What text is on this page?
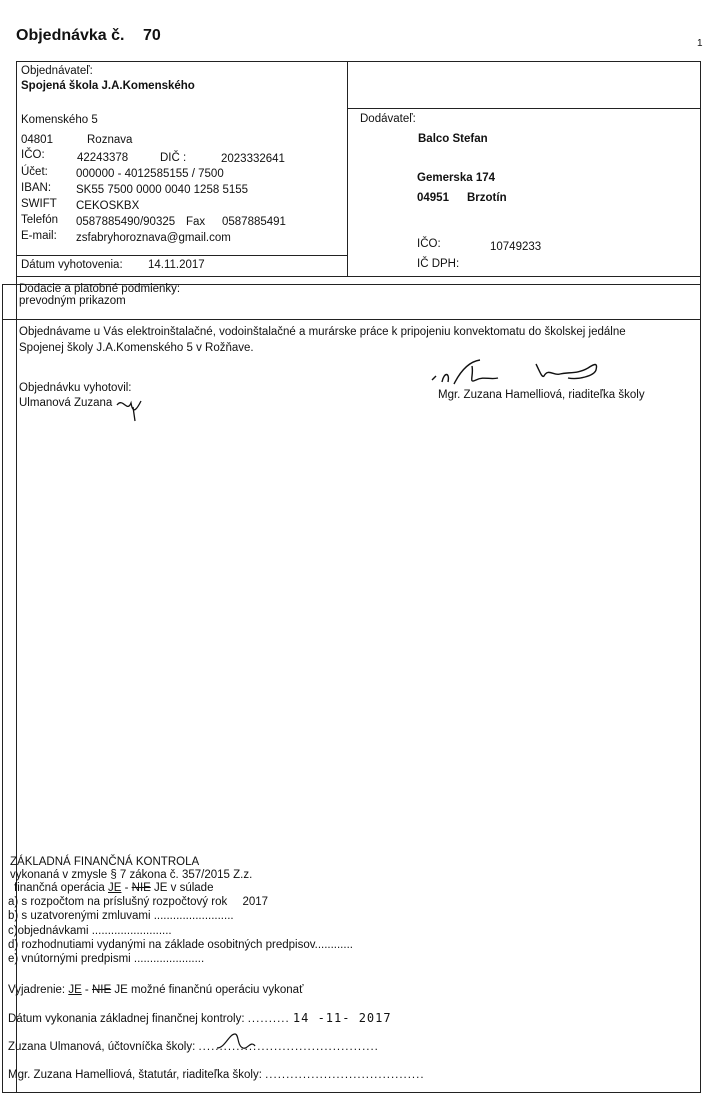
Objednávka č. 70	1
Objednávateľ:
Spojená škola J.A.Komenského
Komenského 5
04801	Roznava
IČO:	42243378	DIČ :	2023332641
Účet: 000000 - 4012585155 / 7500
IBAN: SK55 7500 0000 0040 1258 5155
SWIFT CEKOSKBX
Telefón 0587885490/90325 Fax 0587885491
E-mail: zsfabryhoroznava@gmail.com
Dátum vyhotovenia: 14.11.2017
Dodávateľ:
Balco Stefan
Gemerska 174
04951 Brzotín
IČO:	10749233
IČ DPH:
Dodacie a platobné podmienky:
prevodným prikazom
Objednávame u Vás elektroinštalačné, vodoinštalačné a murárske práce k pripojeniu konvektomatu do školskej jedálne
Spojenej školy J.A.Komenského 5 v Rožňave.
Objednávku vyhotovil:
Ulmanová Zuzana
Mgr. Zuzana Hamelliová, riaditeľka školy
ZÁKLADNÁ FINANČNÁ KONTROLA
vykonaná v zmysle § 7 zákona č. 357/2015 Z.z.
finančná operácia JE - NIE JE v súlade
a) s rozpočtom na príslušný rozpočtový rok 2017
b) s uzatvorenými zmluvami .........................
c)objednávkami .........................
d) rozhodnutiami vydanými na základe osobitných predpisov............
e) vnútornými predpismi ......................
Vyjadrenie: JE - NIE JE možné finančnú operáciu vykonať
Dátum vykonania základnej finančnej kontroly: .......... 14 -11- 2017
Zuzana Ulmanová, účtovníčka školy: ...........................................
Mgr. Zuzana Hamelliová, štatutár, riaditeľka školy: ......................................
